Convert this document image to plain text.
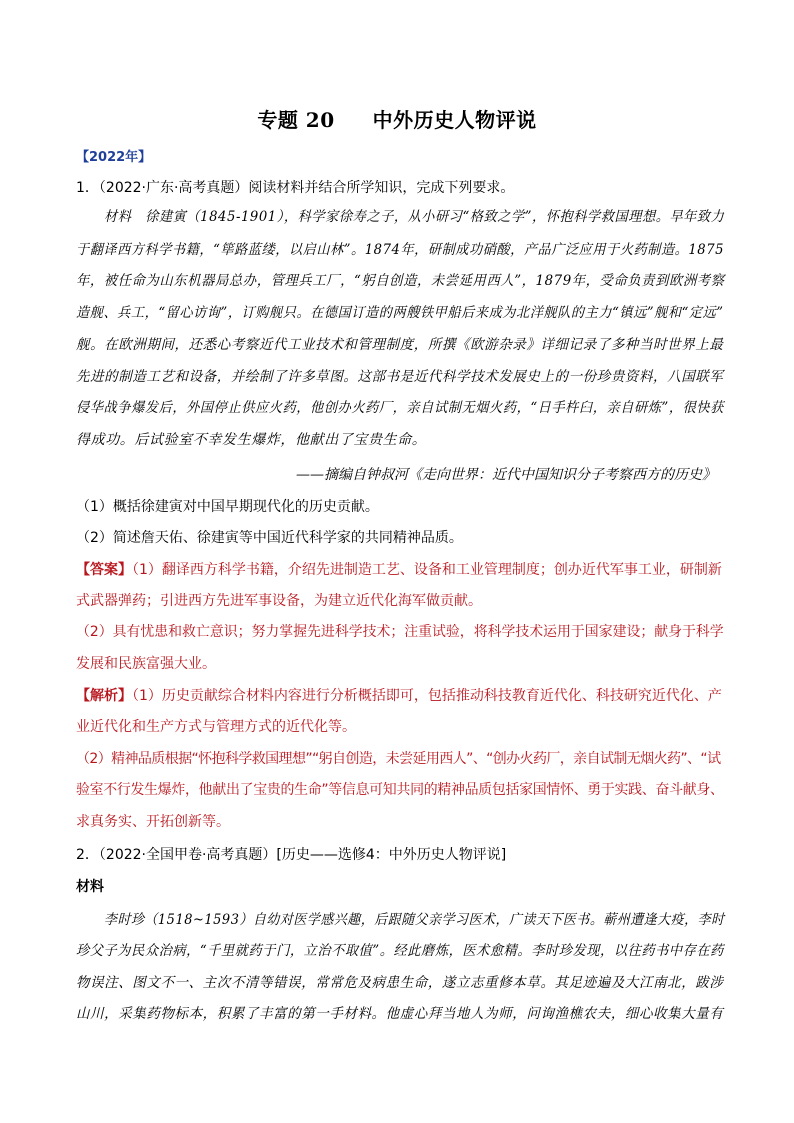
专题 20 中外历史人物评说
【2022年】
1．（2022·广东·高考真题）阅读材料并结合所学知识，完成下列要求。
材料　徐建寅（1845-1901），科学家徐寿之子，从小研习“格致之学”，怀抱科学救国理想。早年致力
于翻译西方科学书籍，“筚路蓝缕，以启山林”。1874年，研制成功硝酸，产品广泛应用于火药制造。1875
年，被任命为山东机器局总办，管理兵工厂，“躬自创造，未尝延用西人”，1879年，受命负责到欧洲考察
造舰、兵工，“留心访询”，订购舰只。在德国订造的两艘铁甲船后来成为北洋舰队的主力“镇远”舰和“定远”
舰。在欧洲期间，还悉心考察近代工业技术和管理制度，所撰《欧游杂录》详细记录了多种当时世界上最
先进的制造工艺和设备，并绘制了许多草图。这部书是近代科学技术发展史上的一份珍贵资料，八国联军
侵华战争爆发后，外国停止供应火药，他创办火药厂，亲自试制无烟火药，“日手杵臼，亲自研炼”，很快获
得成功。后试验室不幸发生爆炸，他献出了宝贵生命。
——摘编自钟叔河《走向世界：近代中国知识分子考察西方的历史》
（1）概括徐建寅对中国早期现代化的历史贡献。
（2）简述詹天佑、徐建寅等中国近代科学家的共同精神品质。
【答案】（1）翻译西方科学书籍，介绍先进制造工艺、设备和工业管理制度；创办近代军事工业，研制新
式武器弹药；引进西方先进军事设备，为建立近代化海军做贡献。
（2）具有忧患和救亡意识；努力掌握先进科学技术；注重试验，将科学技术运用于国家建设；献身于科学
发展和民族富强大业。
【解析】（1）历史贡献综合材料内容进行分析概括即可，包括推动科技教育近代化、科技研究近代化、产
业近代化和生产方式与管理方式的近代化等。
（2）精神品质根据“怀抱科学救国理想”“躬自创造，未尝延用西人”、“创办火药厂，亲自试制无烟火药”、“试
验室不行发生爆炸，他献出了宝贵的生命”等信息可知共同的精神品质包括家国情怀、勇于实践、奋斗献身、
求真务实、开拓创新等。
2．（2022·全国甲卷·高考真题）[历史——选修4：中外历史人物评说]
材料
李时珍（1518~1593）自幼对医学感兴趣，后跟随父亲学习医术，广读天下医书。蕲州遭逢大疫，李时
珍父子为民众治病，“千里就药于门，立治不取值”。经此磨炼，医术愈精。李时珍发现，以往药书中存在药
物误注、图文不一、主次不清等错误，常常危及病患生命，遂立志重修本草。其足迹遍及大江南北，跋涉
山川，采集药物标本，积累了丰富的第一手材料。他虚心拜当地人为师，问询渔樵农夫，细心收集大量有
